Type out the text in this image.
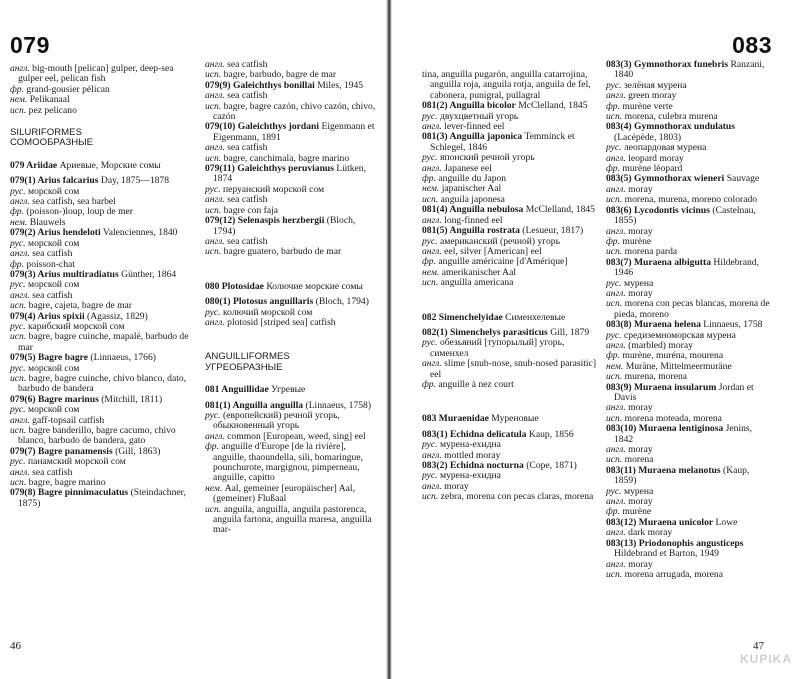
079

англ. big-mouth [pelican] gulper, deep-sea gulper eel, pelican fish

фр. grand-gousier pélican

нем. Pelikanaal

исп. pez pelicano

SILURIFORMES
СОМООБРАЗНЫЕ

079 Ariidae Ариевые, Морские сомы

079(1) Arius falcarius Day, 1875—1878

рус. морской сом

англ. sea catfish, sea barbel

фр. (poisson-)loup, loup de mer

нем. Blauwels

079(2) Arius hendeloti Valenciennes, 1840

рус. морской сом

англ. sea catfish

фр. poisson-chat

079(3) Arius multiradiatus Günther, 1864

рус. морской сом

англ. sea catfish

исп. bagre, cajeta, bagre de mar

079(4) Arius spixii (Agassiz, 1829)

рус. карибский морской сом

исп. bagre, bagre cuinche, mapalé, barbudo de mar

079(5) Bagre bagre (Linnaeus, 1766)

рус. морской сом

исп. bagre, bagre cuinche, chivo blanco, dato, barbudo de bandera

079(6) Bagre marinus (Mitchill, 1811)

рус. морской сом

англ. gaff-topsail catfish

исп. bagre banderillo, bagre cacumo, chivo blanco, barbudo de bandera, gato

079(7) Bagre panamensis (Gill, 1863)

рус. панамский морской сом

англ. sea catfish

исп. bagre, bagre marino

079(8) Bagre pinnimaculatus (Steindachner, 1875)

англ. sea catfish

исп. bagre, barbudo, bagre de mar

079(9) Galeichthys bonillai Miles, 1945

англ. sea catfish

исп. bagre, bagre cazón, chivo cazón, chivo, cazón

079(10) Galeichthys jordani Eigenmann et Eigenmann, 1891

англ. sea catfish

исп. bagre, canchimala, bagre marino

079(11) Galeichthys peruvianus Lütken, 1874

рус. перуанский морской сом

англ. sea catfish

исп. bagre con faja

079(12) Selenaspis herzbergii (Bloch, 1794)

англ. sea catfish

исп. bagre guatero, barbudo de mar

080 Plotosidae Колючие морские сомы

080(1) Plotosus anguillaris (Bloch, 1794)

рус. колючий морской сом

англ. plotosid [striped sea] catfish

ANGUILLIFORMES
УГРЕОБРАЗНЫЕ

081 Anguillidae Угревые

081(1) Anguilla anguilla (Linnaeus, 1758)

рус. (европейский) речной угорь, обыкновенный угорь

англ. common [European, weed, sing] eel

фр. anguille d'Europe [de la rivière], anguille, thaoundella, sili, bomaringue, pounchurote, margignou, pimperneau, anguille, capitto

нем. Aal, gemeiner [europäischer] Aal, (gemeiner) Flußaal

исп. anguila, anguilla, anguila pastorenca, anguila fartona, anguilla maresa, anguilla mar-

46
083

tina, anguilla pugarón, anguilla catarrojina, anguilla roja, anguila rotja, anguila de fel, cabonera, punigral, pullagral

081(2) Anguilla bicolor McClelland, 1845

рус. двухцветный угорь

англ. lever-finned eel

081(3) Anguilla japonica Temminck et Schlegel, 1846

рус. японский речной угорь

англ. Japanese eel

фр. anguille du Japon

нем. japanischer Aal

исп. anguila japonesa

081(4) Anguilla nebulosa McClelland, 1845

англ. long-finned eel

081(5) Anguilla rostrata (Lesueur, 1817)

рус. американский (речной) угорь

англ. eel, silver [American] eel

фр. anguille américaine [d'Amérique]

нем. amerikanischer Aal

исп. anguilla americana

082 Simenchelyidae Сименхелевые

082(1) Simenchelys parasiticus Gill, 1879

рус. обезьяний [тупорылый] угорь, сименхел

англ. slime [snub-nose, snub-nosed parasitic] eel

фр. anguille à nez court

083 Muraenidae Муреновые

083(1) Echidna delicatula Kaup, 1856

рус. мурена-ехидна

англ. mottled moray

083(2) Echidna nocturna (Cope, 1871)

рус. мурена-ехидна

англ. moray

исп. zebra, morena con pecas claras, morena

083(3) Gymnothorax funebris Ranzani, 1840

рус. зелёная мурена

англ. green moray

фр. murène verte

исп. morena, culebra murena

083(4) Gymnothorax undulatus (Lacépède, 1803)

рус. леопардовая мурена

англ. leopard moray

фр. murène léopard

083(5) Gymnothorax wieneri Sauvage

англ. moray

исп. morena, murena, moreno colorado

083(6) Lycodontis vicinus (Castelnau, 1855)

англ. moray

фр. murène

исп. morena parda

083(7) Muraena albigutta Hildebrand, 1946

рус. мурена

англ. moray

исп. morena con pecas blancas, morena de pieda, moreno

083(8) Muraena helena Linnaeus, 1758

рус. средиземноморская мурена

англ. (marbled) moray

фр. murène, muréna, mourena

нем. Muräne, Mittelmeermuräne

исп. murena, morena

083(9) Muraena insularum Jordan et Davis

англ. moray

исп. morena moteada, morena

083(10) Muraena lentiginosa Jenins, 1842

англ. moray

исп. morena

083(11) Muraena melanotus (Kaup, 1859)

рус. мурена

англ. moray

фр. murène

083(12) Muraena unicolor Lowe

англ. dark moray

083(13) Priodonophis angusticeps Hildebrand et Barton, 1949

англ. moray

исп. morena arrugada, morena

47
KUPIKA
